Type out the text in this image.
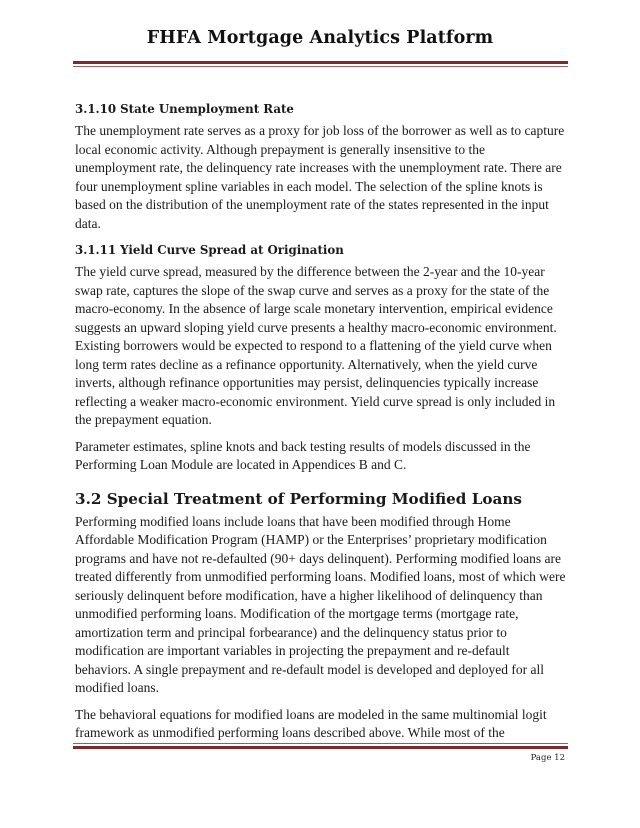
FHFA Mortgage Analytics Platform
3.1.10 State Unemployment Rate

The unemployment rate serves as a proxy for job loss of the borrower as well as to capture local economic activity. Although prepayment is generally insensitive to the unemployment rate, the delinquency rate increases with the unemployment rate. There are four unemployment spline variables in each model. The selection of the spline knots is based on the distribution of the unemployment rate of the states represented in the input data.

3.1.11 Yield Curve Spread at Origination

The yield curve spread, measured by the difference between the 2-year and the 10-year swap rate, captures the slope of the swap curve and serves as a proxy for the state of the macro-economy. In the absence of large scale monetary intervention, empirical evidence suggests an upward sloping yield curve presents a healthy macro-economic environment. Existing borrowers would be expected to respond to a flattening of the yield curve when long term rates decline as a refinance opportunity. Alternatively, when the yield curve inverts, although refinance opportunities may persist, delinquencies typically increase reflecting a weaker macro-economic environment. Yield curve spread is only included in the prepayment equation.

Parameter estimates, spline knots and back testing results of models discussed in the Performing Loan Module are located in Appendices B and C.

3.2 Special Treatment of Performing Modified Loans

Performing modified loans include loans that have been modified through Home Affordable Modification Program (HAMP) or the Enterprises’ proprietary modification programs and have not re-defaulted (90+ days delinquent). Performing modified loans are treated differently from unmodified performing loans. Modified loans, most of which were seriously delinquent before modification, have a higher likelihood of delinquency than unmodified performing loans. Modification of the mortgage terms (mortgage rate, amortization term and principal forbearance) and the delinquency status prior to modification are important variables in projecting the prepayment and re-default behaviors. A single prepayment and re-default model is developed and deployed for all modified loans.

The behavioral equations for modified loans are modeled in the same multinomial logit framework as unmodified performing loans described above. While most of the

Page 12
